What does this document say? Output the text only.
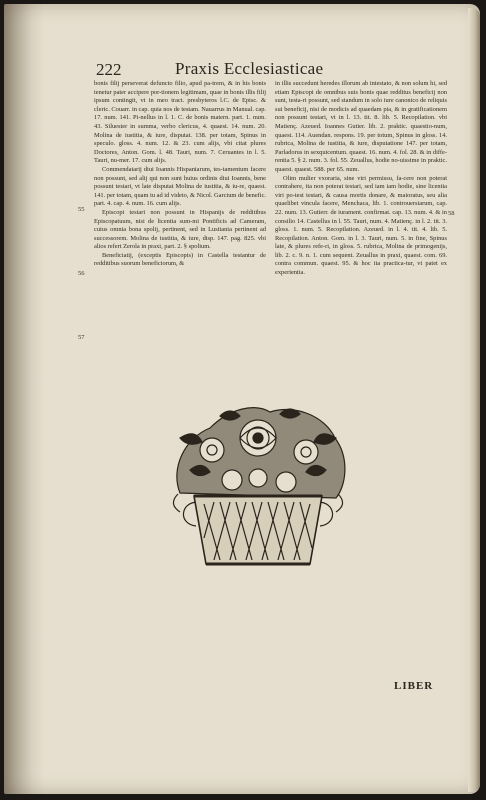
222	Praxis Ecclesiasticae

bonis filij perseverat defuncto filio, apud pa-trem, & in his bonis tenetur pater accipere por-tionem legitimam, quae in bonis illis filij ipsum contingit, vt in meo tract. presbyteros l.C. de Episc. & cleric. Couarr. in cap. quia nos de testam. Nauarrus in Manual. cap. 17. num. 141. Pi-nellus in l. 1. C. de bonis matern. part. 1. num. 43. Siluester in summa, verbo clericus, 4. quaest. 14. num. 20. Molina de iustitia, & iure, disputat. 138. per totam, Spinus in speculo. gloss. 4. num. 12. & 23. cum alijs, vbi citat plures Doctores, Anton. Gom. l. 48. Tauri, num. 7. Ceruantes in l. 5. Tauri, nu-mer. 17. cum alijs.

Commendatarij diui Ioannis Hispaniarum, tes-tamentum facere non possunt, sed alij qui non sunt huius ordinis diui Ioannis, bene possunt testari, vt late disputat Molina de iustitia, & iu-re, quaest. 141. per totam, quam tu ad id videto, & Nicol. Garcium de benefic. part. 4. cap. 4. num. 16. cum alijs.

Episcopi testari non possunt in Hispanijs de redditibus Episcopatuum, nisi de licentia sum-mi Pontificis ad Cameram, cuius omnia bona spolij, pertinent, sed in Lusitania pertinent ad successorem. Molina de iustitia, & iure, disp. 147. pag. 825. vbi alios refert Zerola in praxi, part. 2. § spolium.

Beneficiatij, (exceptis Episcopis) in Castella testantur de redditibus suorum beneficiorum, &

in illis succedunt heredes illorum ab intestato, & non solum hi, sed etiam Episcopi de omnibus suis bonis quae redditus beneficij non sunt, testa-ri possunt, sed standum in solo iure canonico de reliquis sui beneficij, nisi de modicis ad quaedam pia, & in gratificationem non possunt testari, vt in l. 13. tit. 8. lib. 5. Recopilation. vbi Matienç. Azeued. Ioannes Gutier. lib. 2. praktic. quaestio-num, quaest. 114. Auendan. respons. 19. per totum, Spinus in gloss. 14. rubrica, Molina de iustitia, & iure, disputatione 147. per totam, Parladorus in sexquicentum. quaest. 16. num. 4. fol. 28. & in diffe-rentia 5. § 2. num. 3. fol. 55. Zeuallus, hodie no-uissime in praktic. quaest. quaest. 588. per 65. num.

Olim mulier vxoraria, sine viri permissu, fa-cere non poterat contrahere, ita non poterat testari, sed iam iam hodie, sine licentia viri po-test testari, & causa mortis donare, & maioratus, seu alia quaelibet vincula facere, Menchaca, lib. 1. controuersiarum, cap. 22. num. 13. Gutierr. de iurament. confirmat. cap. 13. num. 4. & in consilio 14. Castellus in l. 55. Tauri, num. 4. Matienç. in l. 2. tit. 3. gloss. 1. num. 5. Recopilation. Azeued. in l. 4. tit. 4. lib. 5. Recopilation. Anton. Gom. in l. 3. Tauri, num. 5. in fine, Spinus late, & plures refe-ri, in gloss. 5. rubrica, Molina de primogenijs, lib. 2. c. 9. n. 1. cum sequent. Zeuallus in praxi, quaest. com. 69. contra commun. quaest. 95. & hoc ita practica-tur, vt patet ex experientia.

55
56
57
58
LIBER
